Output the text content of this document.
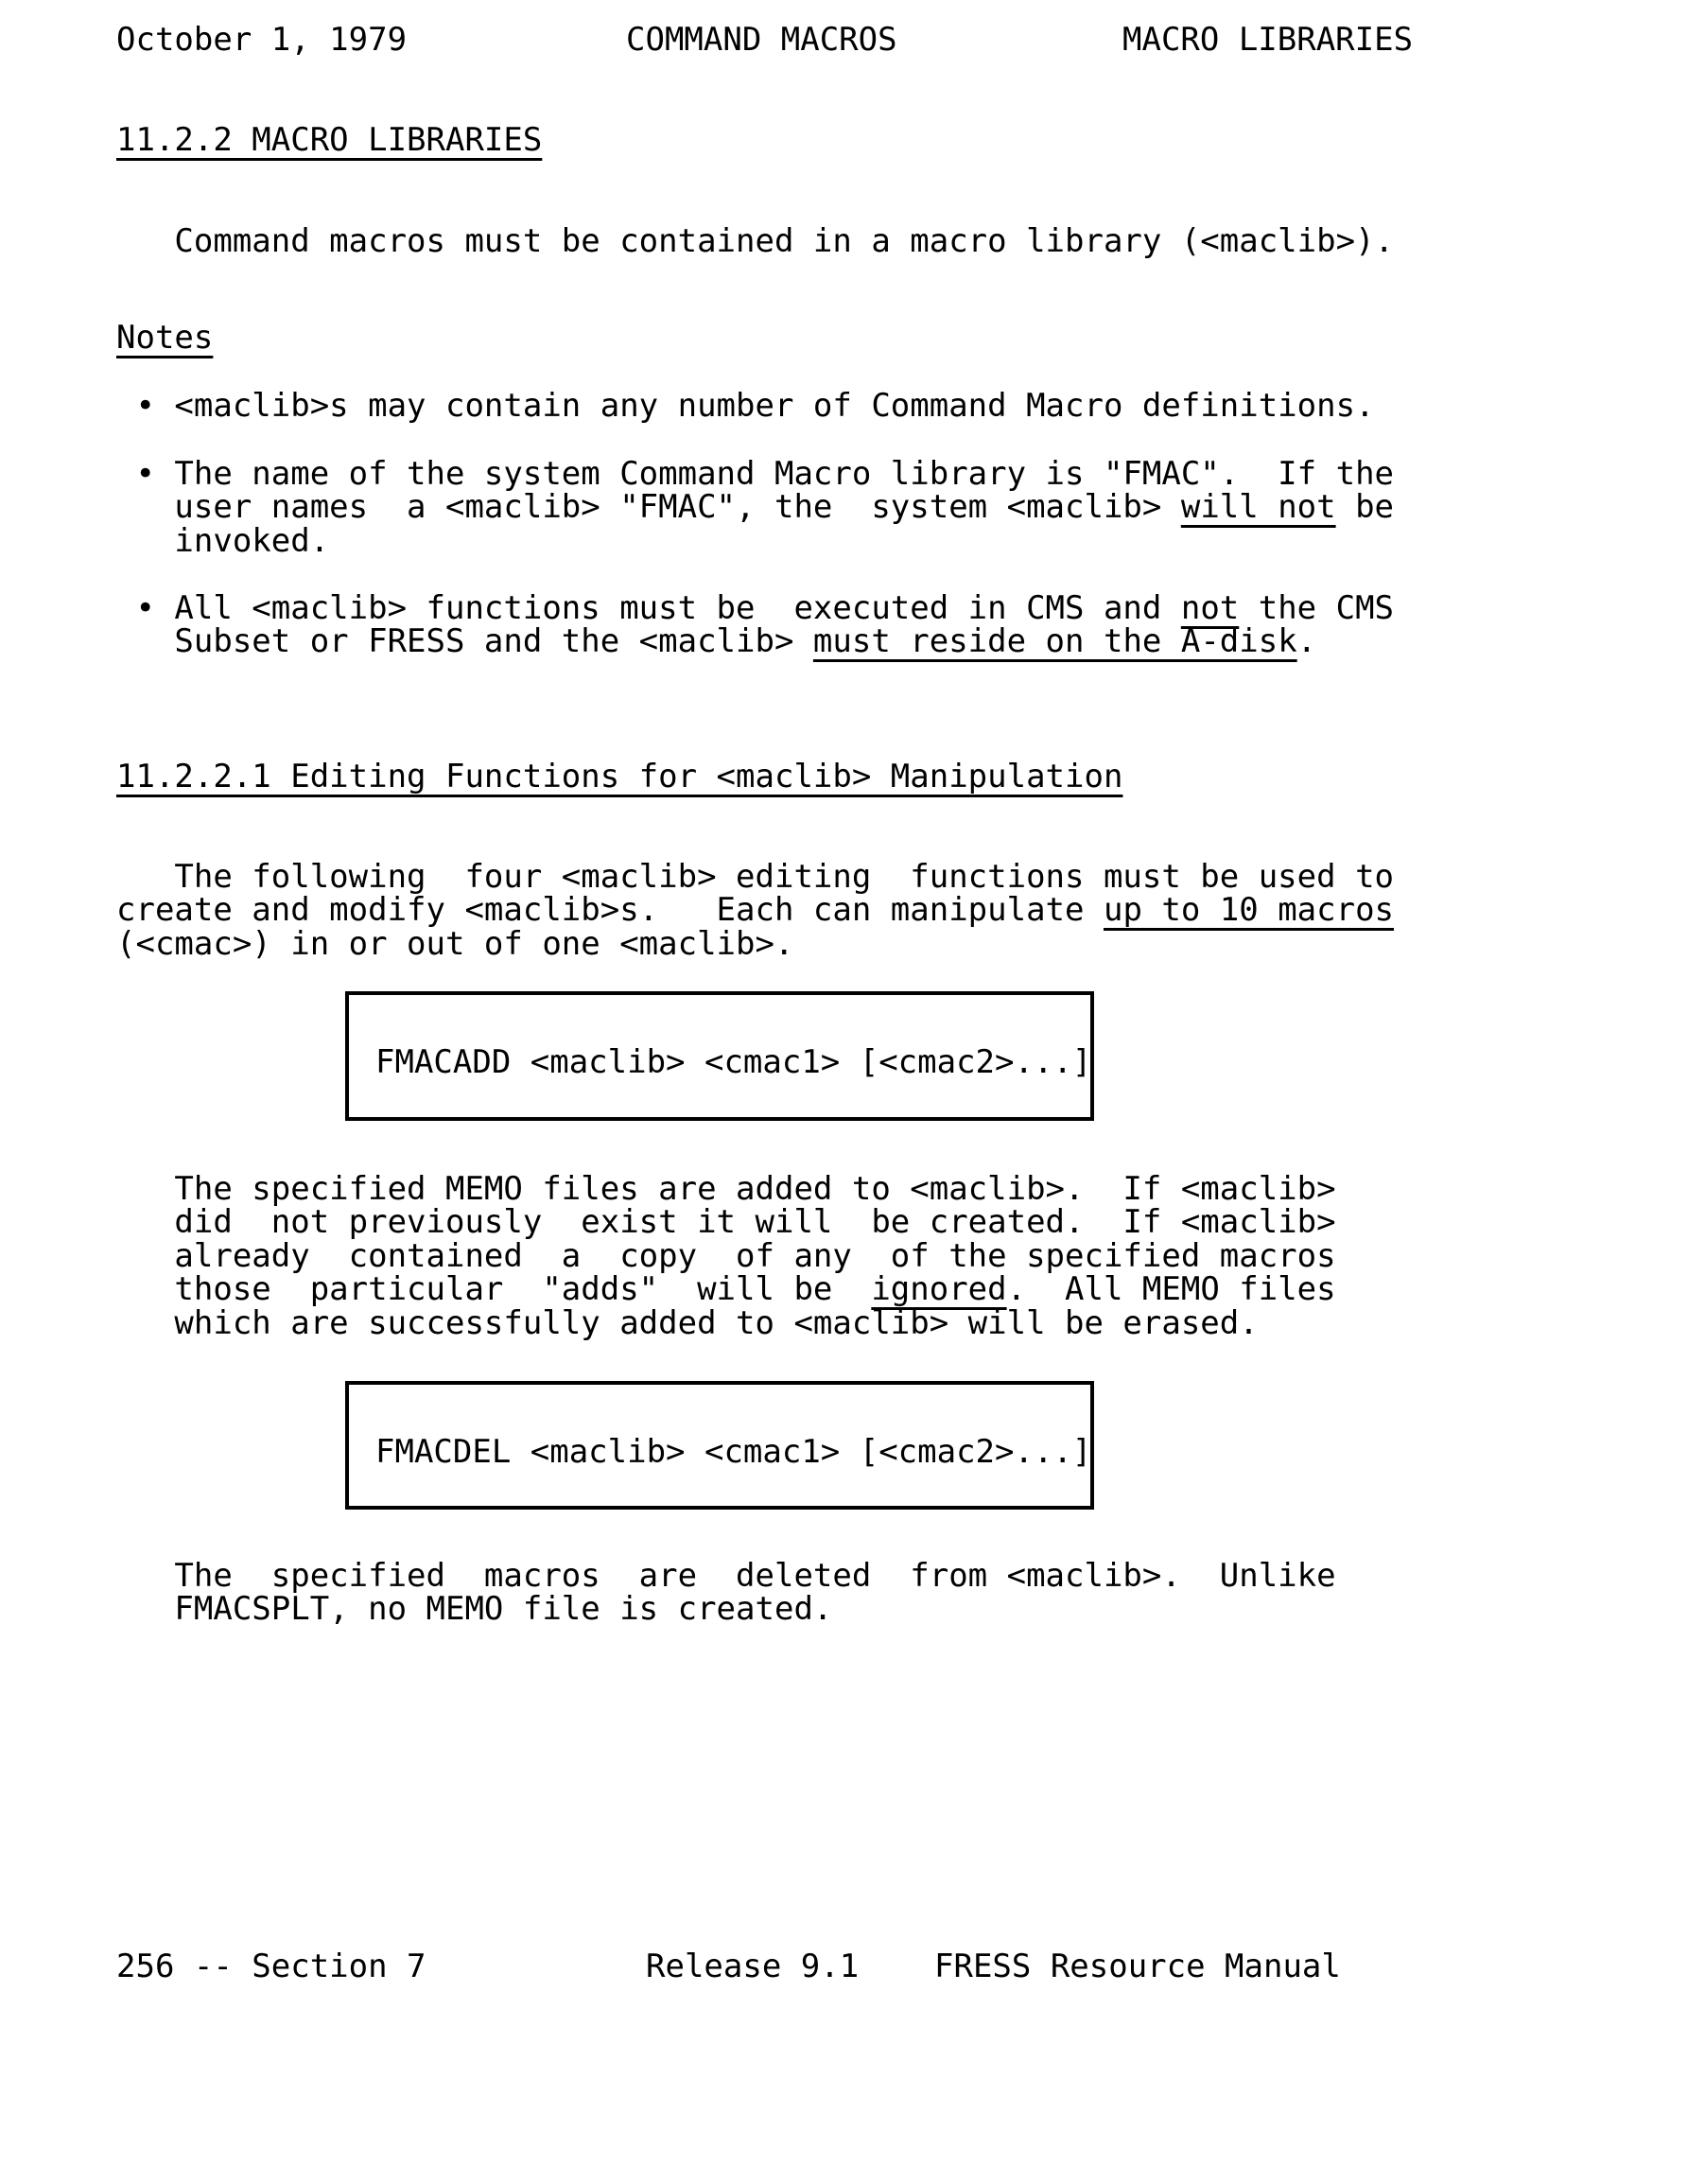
October 1, 1979	COMMAND MACROS	MACRO LIBRARIES
11.2.2 MACRO LIBRARIES
Command macros must be contained in a macro library (<maclib>).
Notes
• <maclib>s may contain any number of Command Macro definitions.
• The name of the system Command Macro library is "FMAC".  If the
user names  a <maclib> "FMAC", the  system <maclib> will not be
invoked.
• All <maclib> functions must be  executed in CMS and not the CMS
Subset or FRESS and the <maclib> must reside on the A-disk.
11.2.2.1 Editing Functions for <maclib> Manipulation
The following  four <maclib> editing  functions must be used to
create and modify <maclib>s.   Each can manipulate up to 10 macros
(<cmac>) in or out of one <maclib>.
FMACADD <maclib> <cmac1> [<cmac2>...]
The specified MEMO files are added to <maclib>.  If <maclib>
did  not previously  exist it will  be created.  If <maclib>
already  contained  a  copy  of any  of the specified macros
those  particular  "adds"  will be  ignored.  All MEMO files
which are successfully added to <maclib> will be erased.
FMACDEL <maclib> <cmac1> [<cmac2>...]
The  specified  macros  are  deleted  from <maclib>.  Unlike
FMACSPLT, no MEMO file is created.
256 -- Section 7	Release 9.1 FRESS Resource Manual
